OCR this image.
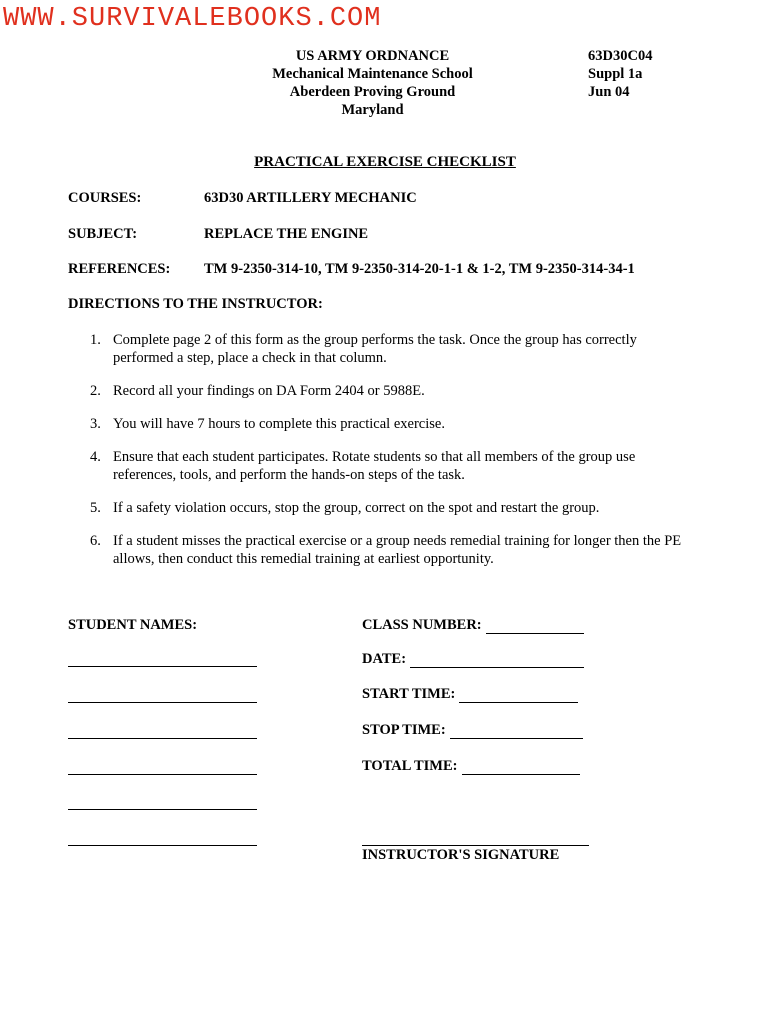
WWW.SURVIVALEBOOKS.COM
US ARMY ORDNANCE
Mechanical Maintenance School
Aberdeen Proving Ground
Maryland
63D30C04
Suppl 1a
Jun 04
PRACTICAL EXERCISE CHECKLIST
COURSES:	63D30 ARTILLERY MECHANIC
SUBJECT:	REPLACE THE ENGINE
REFERENCES: TM 9-2350-314-10, TM 9-2350-314-20-1-1 & 1-2, TM 9-2350-314-34-1
DIRECTIONS TO THE INSTRUCTOR:
1. Complete page 2 of this form as the group performs the task. Once the group has correctly performed a step, place a check in that column.
2. Record all your findings on DA Form 2404 or 5988E.
3. You will have 7 hours to complete this practical exercise.
4. Ensure that each student participates. Rotate students so that all members of the group use references, tools, and perform the hands-on steps of the task.
5. If a safety violation occurs, stop the group, correct on the spot and restart the group.
6. If a student misses the practical exercise or a group needs remedial training for longer then the PE allows, then conduct this remedial training at earliest opportunity.
STUDENT NAMES:	CLASS NUMBER:
DATE:
START TIME:
STOP TIME:
TOTAL TIME:
INSTRUCTOR'S SIGNATURE
